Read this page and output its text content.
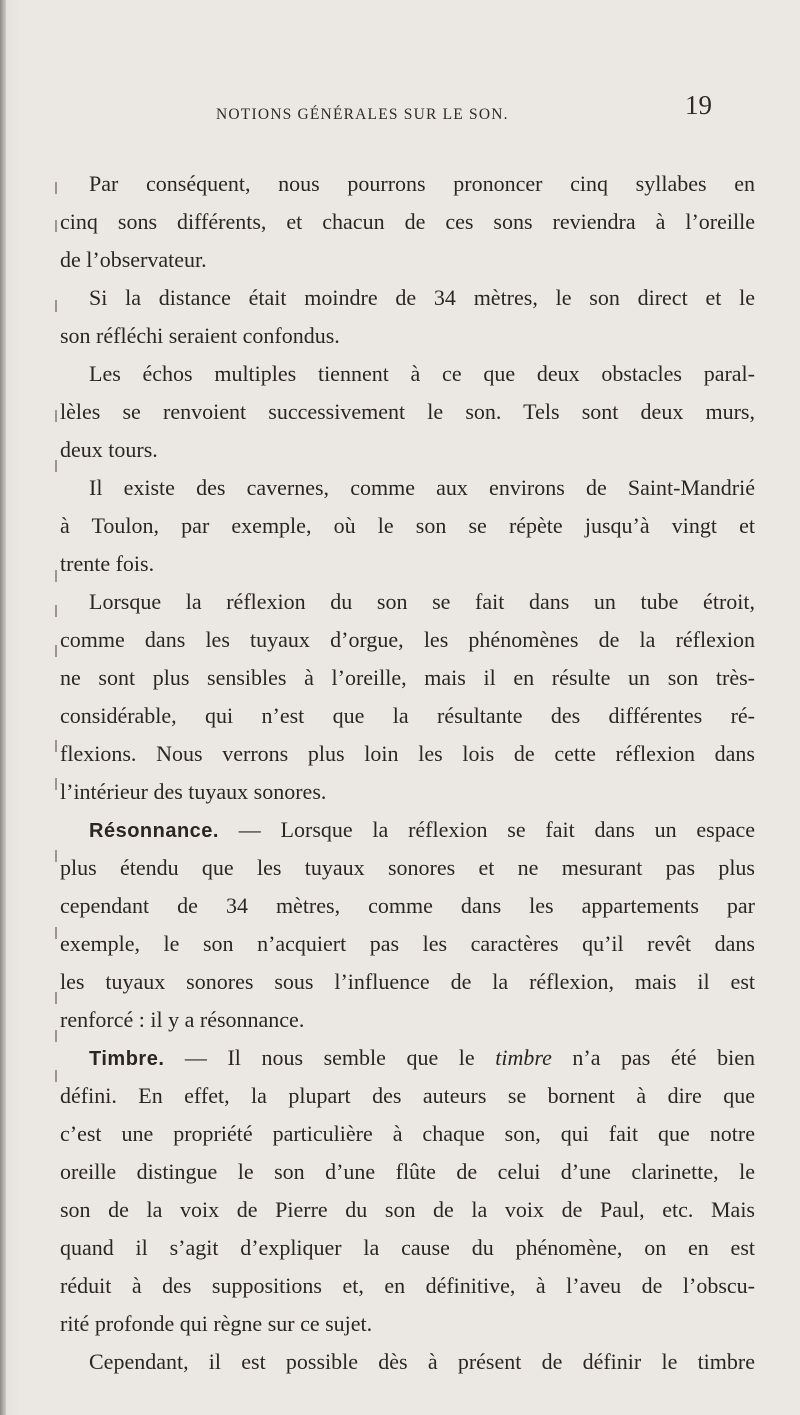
NOTIONS GÉNÉRALES SUR LE SON.	19
Par conséquent, nous pourrons prononcer cinq syllabes en
cinq sons différents, et chacun de ces sons reviendra à l’oreille
de l’observateur.
Si la distance était moindre de 34 mètres, le son direct et le
son réfléchi seraient confondus.
Les échos multiples tiennent à ce que deux obstacles paral-
lèles se renvoient successivement le son. Tels sont deux murs,
deux tours.
Il existe des cavernes, comme aux environs de Saint-Mandrié
à Toulon, par exemple, où le son se répète jusqu’à vingt et
trente fois.
Lorsque la réflexion du son se fait dans un tube étroit,
comme dans les tuyaux d’orgue, les phénomènes de la réflexion
ne sont plus sensibles à l’oreille, mais il en résulte un son très-
considérable, qui n’est que la résultante des différentes ré-
flexions. Nous verrons plus loin les lois de cette réflexion dans
l’intérieur des tuyaux sonores.
Résonnance. — Lorsque la réflexion se fait dans un espace
plus étendu que les tuyaux sonores et ne mesurant pas plus
cependant de 34 mètres, comme dans les appartements par
exemple, le son n’acquiert pas les caractères qu’il revêt dans
les tuyaux sonores sous l’influence de la réflexion, mais il est
renforcé : il y a résonnance.
Timbre. — Il nous semble que le timbre n’a pas été bien
défini. En effet, la plupart des auteurs se bornent à dire que
c’est une propriété particulière à chaque son, qui fait que notre
oreille distingue le son d’une flûte de celui d’une clarinette, le
son de la voix de Pierre du son de la voix de Paul, etc. Mais
quand il s’agit d’expliquer la cause du phénomène, on en est
réduit à des suppositions et, en définitive, à l’aveu de l’obscu-
rité profonde qui règne sur ce sujet.
Cependant, il est possible dès à présent de définir le timbre
